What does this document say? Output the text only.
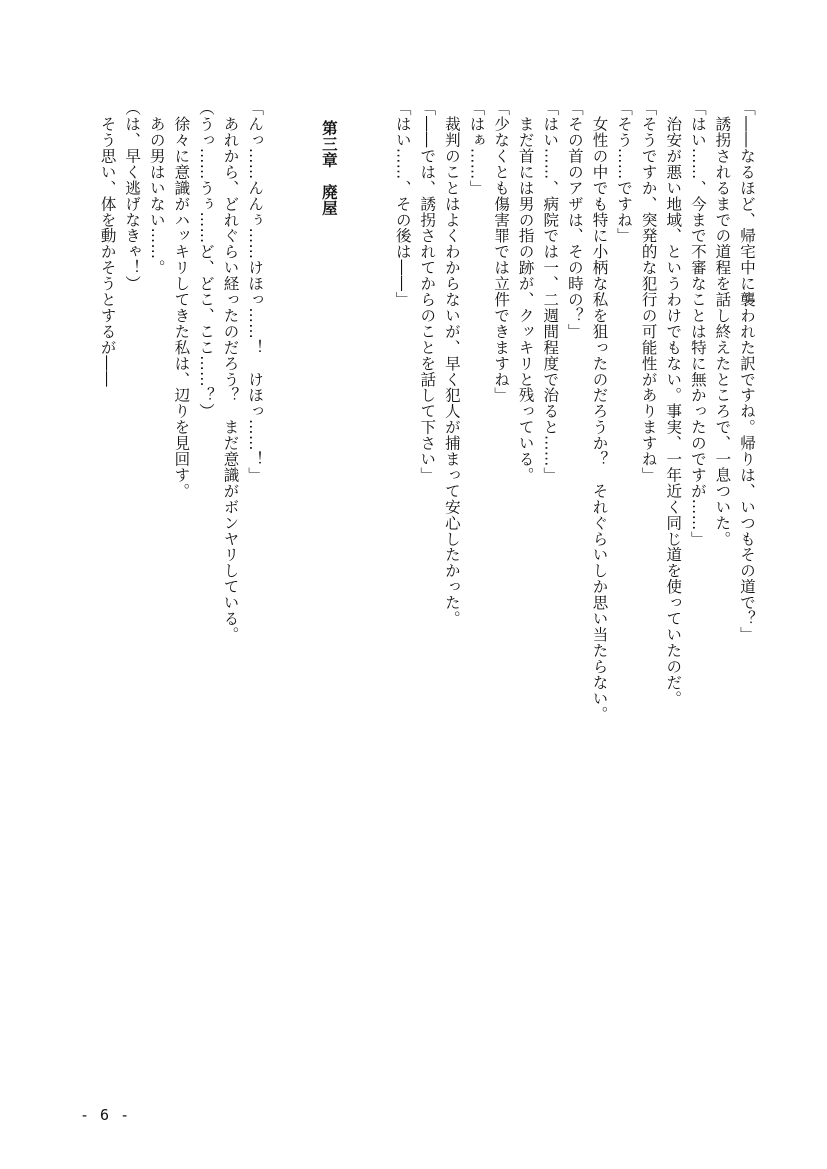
「――なるほど、帰宅中に襲われた訳ですね。帰りは、いつもその道で？」
　誘拐されるまでの道程を話し終えたところで、一息ついた。
「はい……、今まで不審なことは特に無かったのですが……」
　治安が悪い地域、というわけでもない。事実、一年近く同じ道を使っていたのだ。
「そうですか、突発的な犯行の可能性がありますね」
「そう……ですね」
　女性の中でも特に小柄な私を狙ったのだろうか？　それぐらいしか思い当たらない。
「その首のアザは、その時の？」
「はい……、病院では一、二週間程度で治ると……」
　まだ首には男の指の跡が、クッキリと残っている。
「少なくとも傷害罪では立件できますね」
「はぁ……」
　裁判のことはよくわからないが、早く犯人が捕まって安心したかった。
「――では、誘拐されてからのことを話して下さい」
「はい……、その後は――」
第三章　廃屋
「んっ……んんぅ……けほっ……！　けほっ……！」
　あれから、どれぐらい経ったのだろう？　まだ意識がボンヤリしている。
（うっ……うぅ……ど、どこ、ここ……？）
　徐々に意識がハッキリしてきた私は、辺りを見回す。
　あの男はいない……。
（は、早く逃げなきゃ！）
　そう思い、体を動かそうとするが――
- 6 -
